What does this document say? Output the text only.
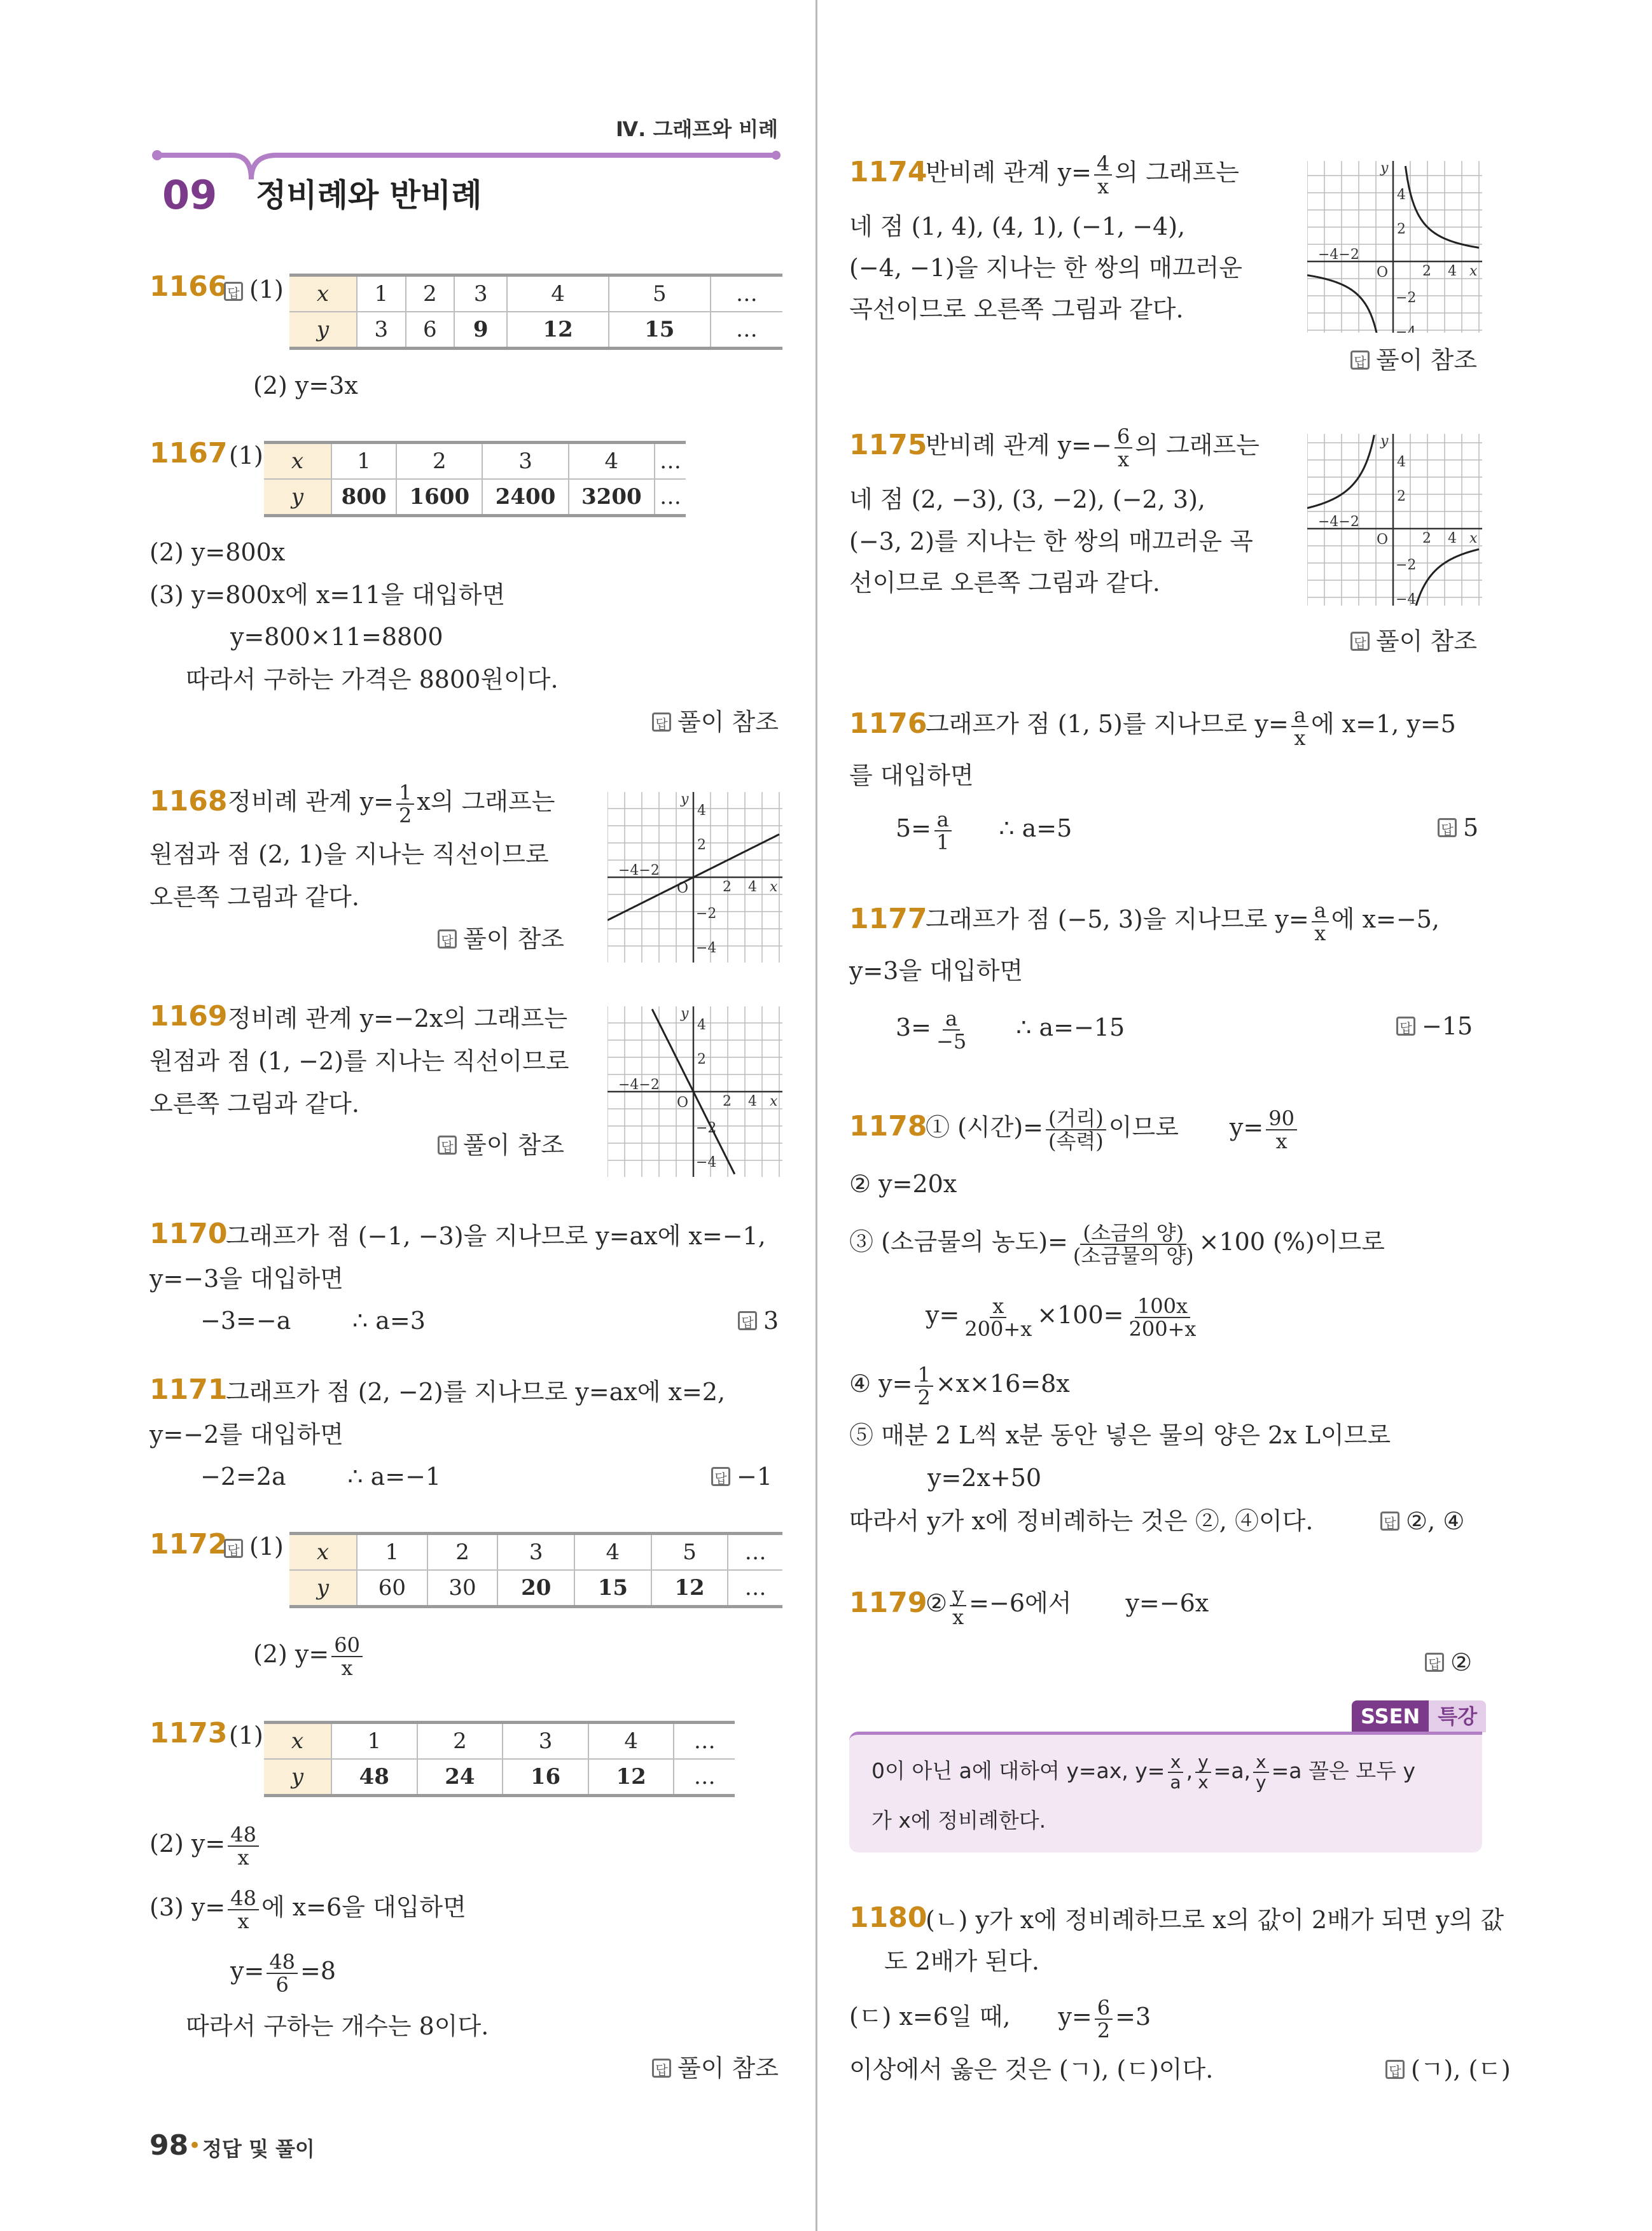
Ⅳ. 그래프와 비례
09 정비례와 반비례
1166 답 (1) x	1	2	3	4	5	…
y	3	6	9	12	15	…
(2) y=3x
1167 (1) x	1	2	3	4	…
y	800	1600	2400	3200	…
(2) y=800x
(3) y=800x에 x=11을 대입하면
y=800×11=8800
따라서 구하는 가격은 8800원이다.
답 풀이 참조
1168 정비례 관계 $y= \frac{1}{2}$ x의 그래프는
원점과 점 (2, 1)을 지나는 직선이므로
오른쪽 그림과 같다.
답 풀이 참조
y
x
O
4
2
−2
−4
2 4
−4−2
1169 정비례 관계 y=−2x의 그래프는
원점과 점 (1, −2)를 지나는 직선이므로
오른쪽 그림과 같다.
답 풀이 참조
y
x
O
4
2
−2
−4
2 4
−4−2
1170
그래프가 점 (−1, −3)을 지나므로 y=ax에 x=−1,
y=−3을 대입하면
−3=−a        ∴ a=3	답 3
1171
그래프가 점 (2, −2)를 지나므로 y=ax에 x=2,
y=−2를 대입하면
−2=2a        ∴ a=−1	답 −1
1172 답 (1) x	1	2	3	4	5	…
y	60	30	20	15	12	…
(2) $y= \frac{60}{x}$
1173 (1) x	1	2	3	4	…
y	48	24	16	12	…
(2) $y= \frac{48}{x}$
(3) $y= \frac{48}{x}$ 에 x=6을 대입하면
$y= \frac{48}{6} =8$
따라서 구하는 개수는 8이다.
답 풀이 참조
98 • 정답 및 풀이
1174
반비례 관계 $y= \frac{4}{x}$ 의 그래프는
네 점 (1, 4), (4, 1), (−1, −4),
(−4, −1)을 지나는 한 쌍의 매끄러운
곡선이므로 오른쪽 그림과 같다.
답 풀이 참조
y
x
O
4
2
−2
−4
2 4
−4−2
1175
반비례 관계 $y=- \frac{6}{x}$ 의 그래프는
네 점 (2, −3), (3, −2), (−2, 3),
(−3, 2)를 지나는 한 쌍의 매끄러운 곡
선이므로 오른쪽 그림과 같다.
답 풀이 참조
y
x
O
4
2
−2
−4
2 4
−4−2
1176
그래프가 점 (1, 5)를 지나므로 $y= \frac{a}{x}$ 에 x=1, y=5
를 대입하면
$5= \frac{a}{1}$ ∴ a=5	답 5
1177
그래프가 점 (−5, 3)을 지나므로 $y= \frac{a}{x}$ 에 x=−5,
y=3을 대입하면
$3= \frac{a}{-5}$ ∴ a=−15	답 −15
1178
① (시간)= $\frac{\text{(거리)}}{\text{(속력)}}$ 이므로 $y= \frac{90}{x}$
② y=20x
③ (소금물의 농도)= $\frac{\text{(소금의 양)}}{\text{(소금물의 양)}} \times 100$ (%)이므로
$y= \frac{x}{200+x} \times 100= \frac{100x}{200+x}$
④ $y= \frac{1}{2} \times x\times 16=8x$
⑤ 매분 2 L씩 x분 동안 넣은 물의 양은 2x L이므로
y=2x+50
따라서 y가 x에 정비례하는 것은 ②, ④이다.	답 ②, ④
1179
② $\frac{y}{x} =-6$에서 y=−6x
답 ②
SSEN 특강
0이 아닌 a에 대하여 y=ax, $y= \frac{x}{a}$ , $\frac{y}{x} =a$, $\frac{x}{y} =a$ 꼴은 모두 y
가 x에 정비례한다.
1180
(ㄴ) y가 x에 정비례하므로 x의 값이 2배가 되면 y의 값
도 2배가 된다.
(ㄷ) x=6일 때, $y= \frac{6}{2} =3$
이상에서 옳은 것은 (ㄱ), (ㄷ)이다.	답 (ㄱ), (ㄷ)
